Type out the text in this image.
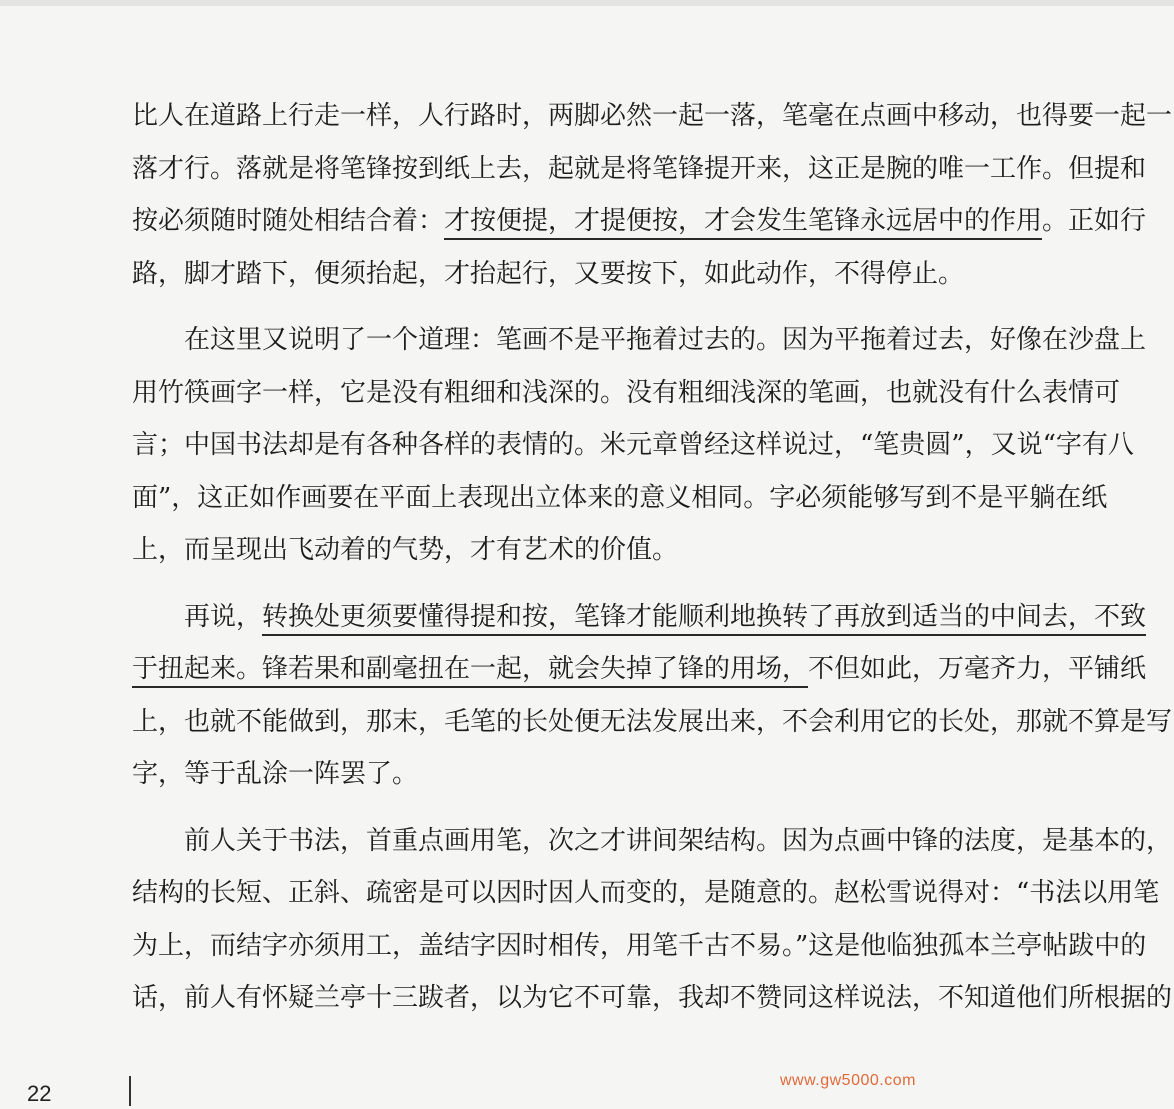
比人在道路上行走一样，人行路时，两脚必然一起一落，笔毫在点画中移动，也得要一起一
落才行。落就是将笔锋按到纸上去，起就是将笔锋提开来，这正是腕的唯一工作。但提和
按必须随时随处相结合着：才按便提，才提便按，才会发生笔锋永远居中的作用。正如行
路，脚才踏下，便须抬起，才抬起行，又要按下，如此动作，不得停止。
　　在这里又说明了一个道理：笔画不是平拖着过去的。因为平拖着过去，好像在沙盘上
用竹筷画字一样，它是没有粗细和浅深的。没有粗细浅深的笔画，也就没有什么表情可
言；中国书法却是有各种各样的表情的。米元章曾经这样说过，“笔贵圆”，又说“字有八
面”，这正如作画要在平面上表现出立体来的意义相同。字必须能够写到不是平躺在纸
上，而呈现出飞动着的气势，才有艺术的价值。
　　再说，转换处更须要懂得提和按，笔锋才能顺利地换转了再放到适当的中间去，不致
于扭起来。锋若果和副毫扭在一起，就会失掉了锋的用场，不但如此，万毫齐力，平铺纸
上，也就不能做到，那末，毛笔的长处便无法发展出来，不会利用它的长处，那就不算是写
字，等于乱涂一阵罢了。
　　前人关于书法，首重点画用笔，次之才讲间架结构。因为点画中锋的法度，是基本的，
结构的长短、正斜、疏密是可以因时因人而变的，是随意的。赵松雪说得对：“书法以用笔
为上，而结字亦须用工，盖结字因时相传，用笔千古不易。”这是他临独孤本兰亭帖跋中的
话，前人有怀疑兰亭十三跋者，以为它不可靠，我却不赞同这样说法，不知道他们所根据的
22
www.gw5000.com
